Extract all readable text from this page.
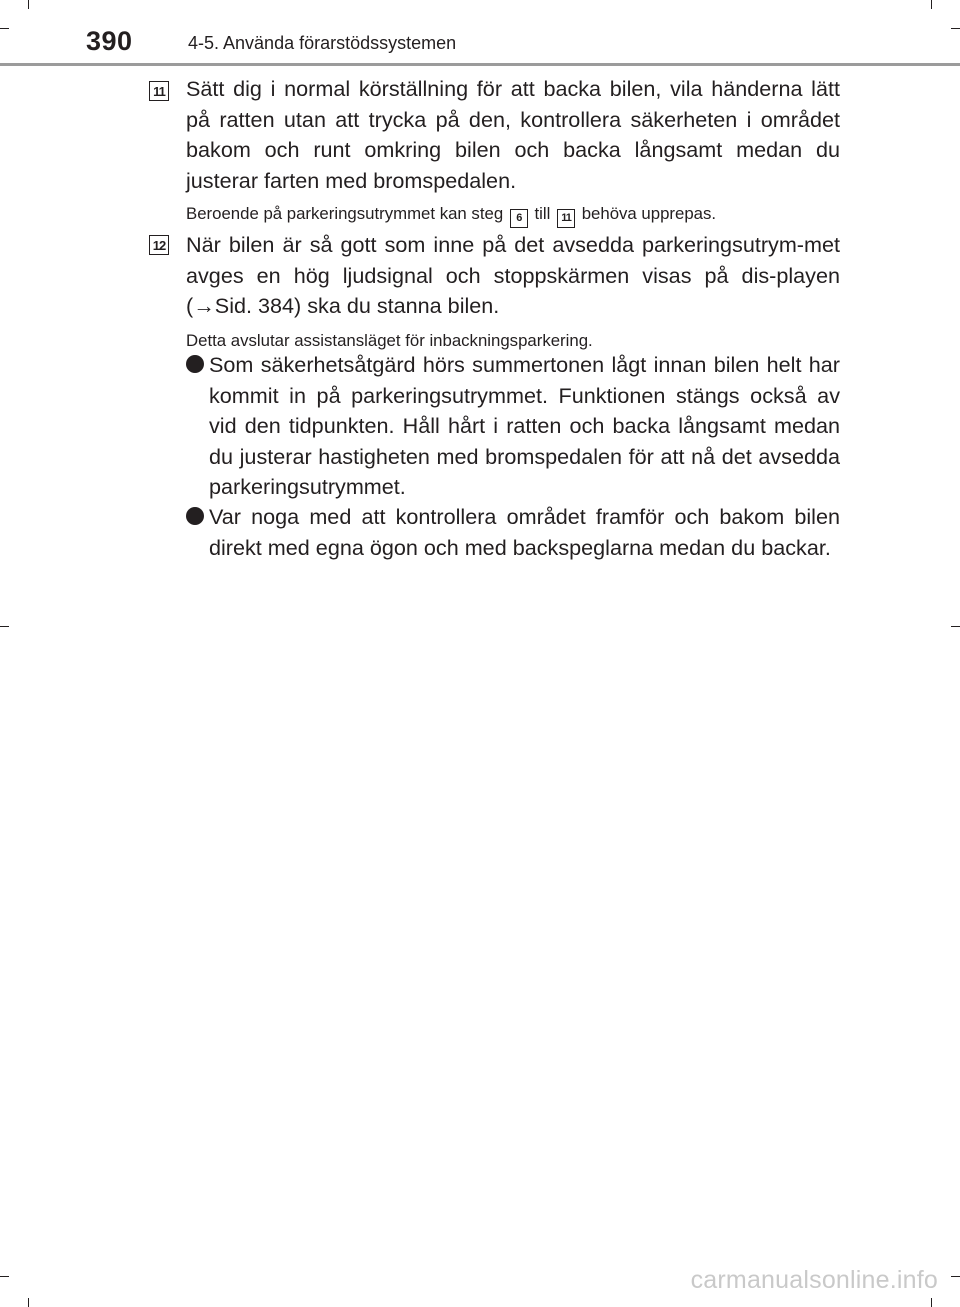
390	4-5. Använda förarstödssystemen
11 Sätt dig i normal körställning för att backa bilen, vila händerna lätt på ratten utan att trycka på den, kontrollera säkerheten i området bakom och runt omkring bilen och backa långsamt medan du justerar farten med bromspedalen.
Beroende på parkeringsutrymmet kan steg 6 till 11 behöva upprepas.
12 När bilen är så gott som inne på det avsedda parkeringsutrym-met avges en hög ljudsignal och stoppskärmen visas på dis-playen (→Sid. 384) ska du stanna bilen.
Detta avslutar assistansläget för inbackningsparkering.
Som säkerhetsåtgärd hörs summertonen lågt innan bilen helt har kommit in på parkeringsutrymmet. Funktionen stängs också av vid den tidpunkten. Håll hårt i ratten och backa långsamt medan du justerar hastigheten med bromspedalen för att nå det avsedda parkeringsutrymmet.
Var noga med att kontrollera området framför och bakom bilen direkt med egna ögon och med backspeglarna medan du backar.
carmanualsonline.info
